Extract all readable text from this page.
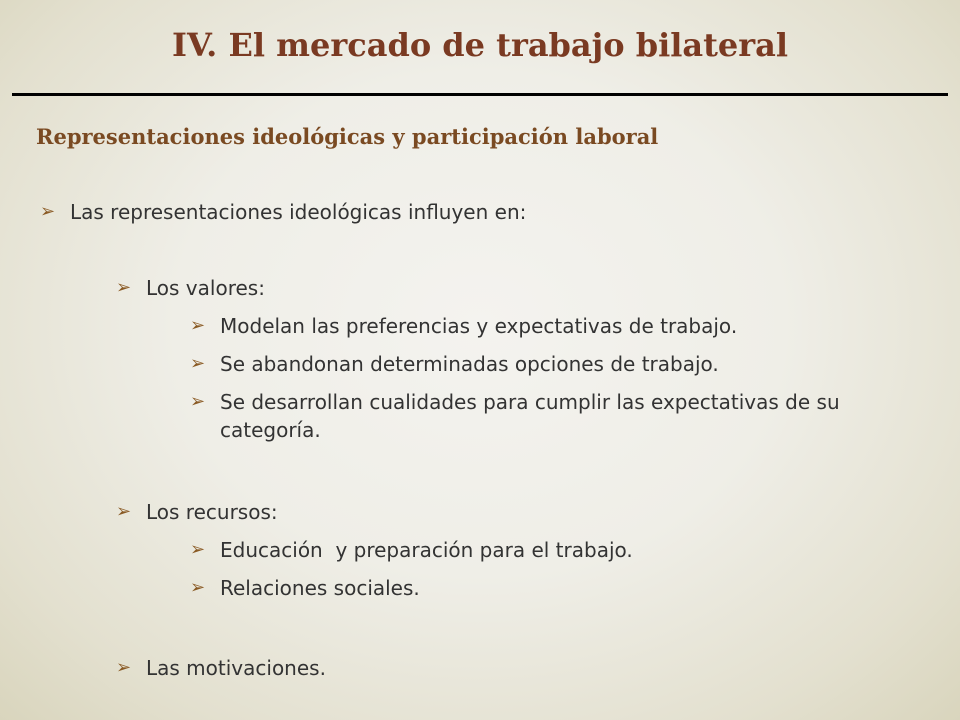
IV. El mercado de trabajo bilateral
Representaciones ideológicas y participación laboral
➢ Las representaciones ideológicas influyen en:
➢ Los valores:
➢ Modelan las preferencias y expectativas de trabajo.
➢ Se abandonan determinadas opciones de trabajo.
➢ Se desarrollan cualidades para cumplir las expectativas de su categoría.
➢ Los recursos:
➢ Educación  y preparación para el trabajo.
➢ Relaciones sociales.
➢ Las motivaciones.
